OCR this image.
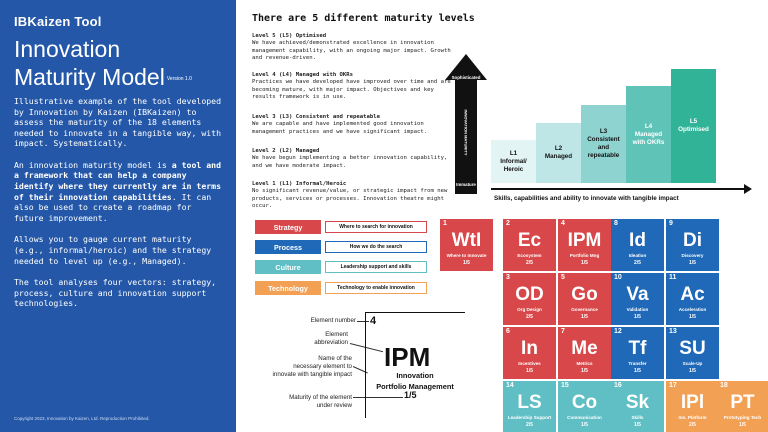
IBKaizen Tool
Innovation
Maturity Model Version 1.0

Illustrative example of the tool developed by Innovation by Kaizen (IBKaizen) to assess the maturity of the 18 elements needed to innovate in a tangible way, with impact. Systematically.

An innovation maturity model is a tool and a framework that can help a company identify where they currently are in terms of their innovation capabilities. It can also be used to create a roadmap for future improvement.

Allows you to gauge current maturity (e.g., informal/heroic) and the strategy needed to level up (e.g., Managed).

The tool analyses four vectors: strategy, process, culture and innovation support technologies.

Copyright 2023, Innovation by Kaizen, Ltd. Reproduction Prohibited.
There are 5 different maturity levels
Level 5 (L5) Optimised
We have achieved/demonstrated excellence in innovation management capability, with an ongoing major impact. Growth and revenue-driven.
Level 4 (L4) Managed with OKRs
Practices we have developed have improved over time and are becoming mature, with major impact. Objectives and key results framework is in use.
Level 3 (L3) Consistent and repeatable
We are capable and have implemented good innovation management practices and we have significant impact.
Level 2 (L2) Managed
We have begun implementing a better innovation capability, and we have moderate impact.
Level 1 (L1) Informal/Heroic
No significant revenue/value, or strategic impact from new products, services or processes. Innovation theatre might occur.
Sophisticated
INNOVATION MATURITY
Immature
L1
Informal/
Heroic
L2
Managed
L3
Consistent
and
repeatable
L4
Managed
with OKRs
L5
Optimised
Skills, capabilities and ability to innovate with tangible impact
Strategy	Where to search for innovation
Process	How we do the search
Culture	Leadership support and skills
Technology	Technology to enable innovation
Element number
Element
abbreviation
Name of the
necessary element to
innovate with tangible impact
Maturity of the element
under review
4
IPM
Innovation
Portfolio Management
1/5
1
WtI
Where to Innovate
1/5
2
Ec
Ecosystem
2/5
4
IPM
Portfolio Mng
1/5
8
Id
Ideation
2/5
9
Di
Discovery
1/5
3
OD
Org Design
2/5
5
Go
Governance
1/5
10
Va
Validation
1/5
11
Ac
Acceleration
1/5
6
In
Incentives
1/5
7
Me
Metrics
1/5
12
Tf
Transfer
1/5
13
SU
Scale-Up
1/5
14
LS
Leadership Support
2/5
15
Co
Communication
1/5
16
Sk
Skills
1/5
17
IPl
Inn. Platform
2/5
18
PT
Prototyping Tech
1/5
